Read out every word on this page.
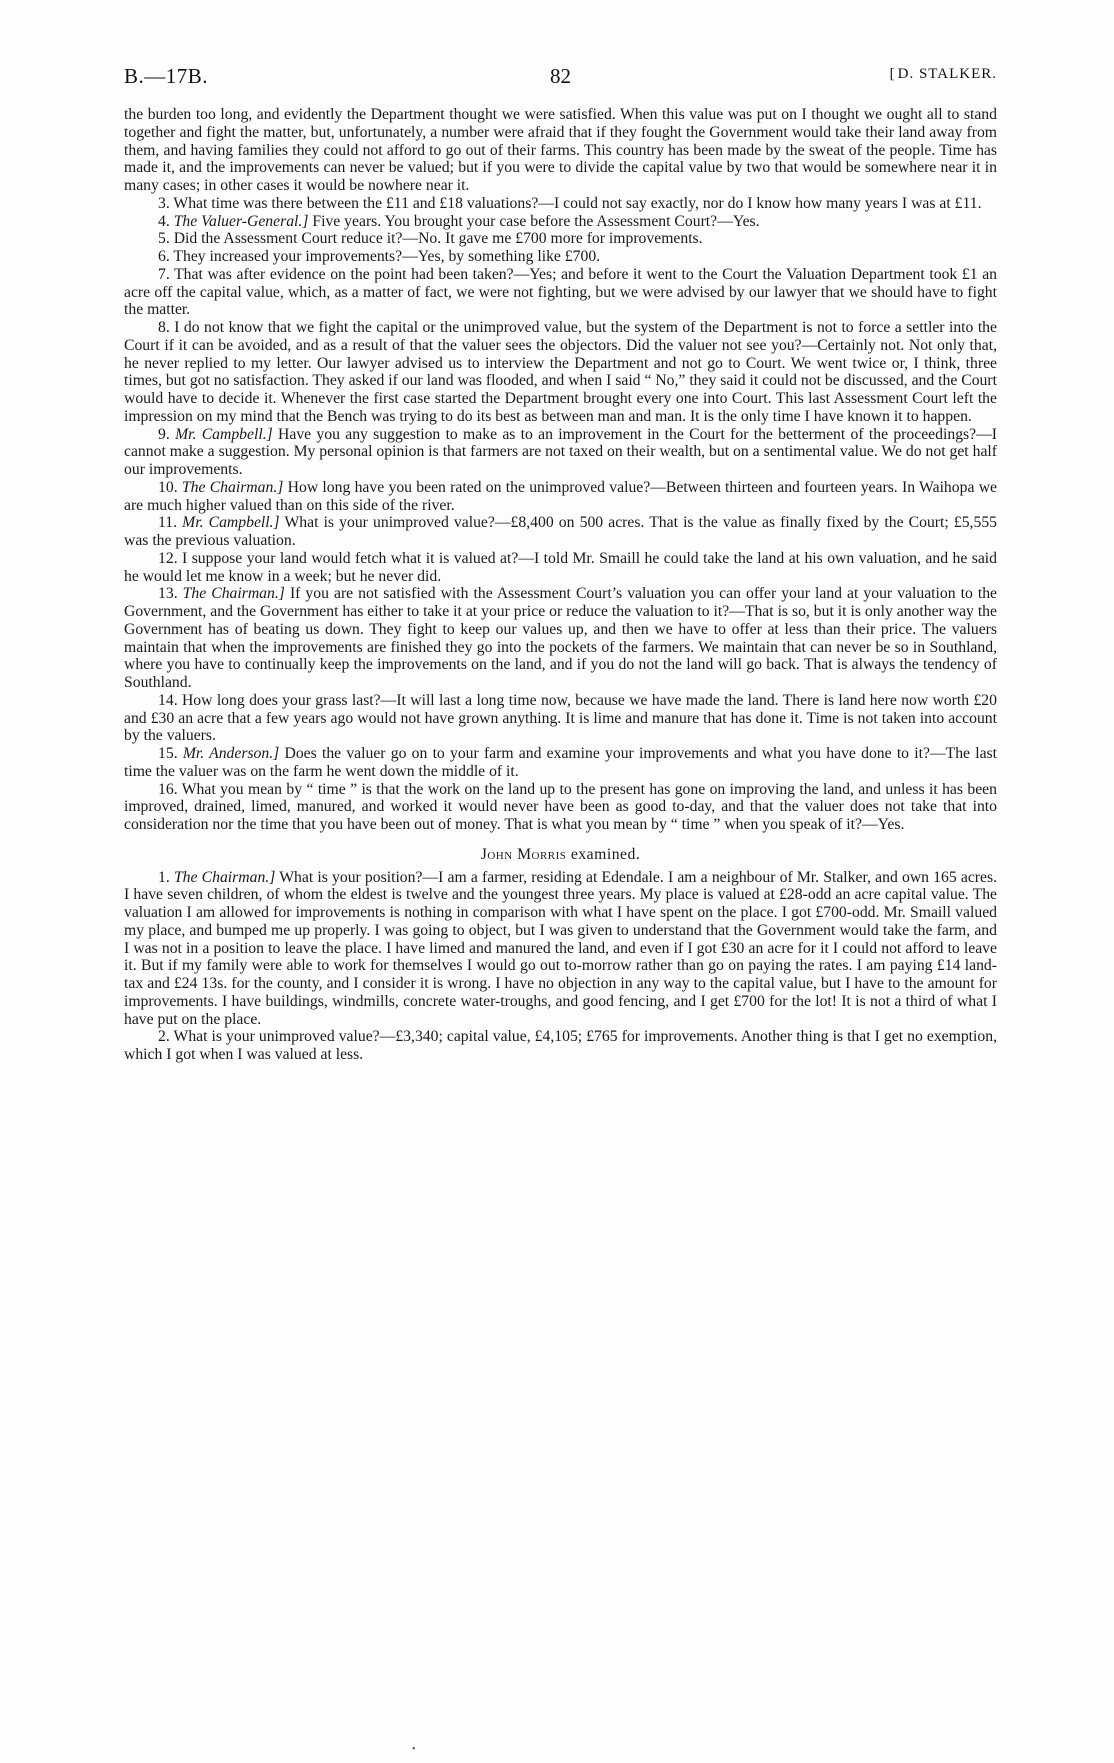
B.—17B.	82
[	D. STALKER.

the burden too long, and evidently the Department thought we were satisfied. When this value was put on I thought we ought all to stand together and fight the matter, but, unfortunately, a number were afraid that if they fought the Government would take their land away from them, and having families they could not afford to go out of their farms. This country has been made by the sweat of the people. Time has made it, and the improvements can never be valued; but if you were to divide the capital value by two that would be somewhere near it in many cases; in other cases it would be nowhere near it.

3. What time was there between the £11 and £18 valuations?—I could not say exactly, nor do I know how many years I was at £11.

4. The Valuer-General.] Five years. You brought your case before the Assessment Court?—Yes.

5. Did the Assessment Court reduce it?—No. It gave me £700 more for improvements.

6. They increased your improvements?—Yes, by something like £700.

7. That was after evidence on the point had been taken?—Yes; and before it went to the Court the Valuation Department took £1 an acre off the capital value, which, as a matter of fact, we were not fighting, but we were advised by our lawyer that we should have to fight the matter.

8. I do not know that we fight the capital or the unimproved value, but the system of the Department is not to force a settler into the Court if it can be avoided, and as a result of that the valuer sees the objectors. Did the valuer not see you?—Certainly not. Not only that, he never replied to my letter. Our lawyer advised us to interview the Department and not go to Court. We went twice or, I think, three times, but got no satisfaction. They asked if our land was flooded, and when I said “ No,” they said it could not be discussed, and the Court would have to decide it. Whenever the first case started the Department brought every one into Court. This last Assessment Court left the impression on my mind that the Bench was trying to do its best as between man and man. It is the only time I have known it to happen.

9. Mr. Campbell.] Have you any suggestion to make as to an improvement in the Court for the betterment of the proceedings?—I cannot make a suggestion. My personal opinion is that farmers are not taxed on their wealth, but on a sentimental value. We do not get half our improvements.

10. The Chairman.] How long have you been rated on the unimproved value?—Between thirteen and fourteen years. In Waihopa we are much higher valued than on this side of the river.

11. Mr. Campbell.] What is your unimproved value?—£8,400 on 500 acres. That is the value as finally fixed by the Court; £5,555 was the previous valuation.

12. I suppose your land would fetch what it is valued at?—I told Mr. Smaill he could take the land at his own valuation, and he said he would let me know in a week; but he never did.

13. The Chairman.] If you are not satisfied with the Assessment Court’s valuation you can offer your land at your valuation to the Government, and the Government has either to take it at your price or reduce the valuation to it?—That is so, but it is only another way the Government has of beating us down. They fight to keep our values up, and then we have to offer at less than their price. The valuers maintain that when the improvements are finished they go into the pockets of the farmers. We maintain that can never be so in Southland, where you have to continually keep the improvements on the land, and if you do not the land will go back. That is always the tendency of Southland.

14. How long does your grass last?—It will last a long time now, because we have made the land. There is land here now worth £20 and £30 an acre that a few years ago would not have grown anything. It is lime and manure that has done it. Time is not taken into account by the valuers.

15. Mr. Anderson.] Does the valuer go on to your farm and examine your improvements and what you have done to it?—The last time the valuer was on the farm he went down the middle of it.

16. What you mean by “ time ” is that the work on the land up to the present has gone on improving the land, and unless it has been improved, drained, limed, manured, and worked it would never have been as good to-day, and that the valuer does not take that into consideration nor the time that you have been out of money. That is what you mean by “ time ” when you speak of it?—Yes.

John Morris examined.

1. The Chairman.] What is your position?—I am a farmer, residing at Edendale. I am a neighbour of Mr. Stalker, and own 165 acres. I have seven children, of whom the eldest is twelve and the youngest three years. My place is valued at £28-odd an acre capital value. The valuation I am allowed for improvements is nothing in comparison with what I have spent on the place. I got £700-odd. Mr. Smaill valued my place, and bumped me up properly. I was going to object, but I was given to understand that the Government would take the farm, and I was not in a position to leave the place. I have limed and manured the land, and even if I got £30 an acre for it I could not afford to leave it. But if my family were able to work for themselves I would go out to-morrow rather than go on paying the rates. I am paying £14 land-tax and £24 13s. for the county, and I consider it is wrong. I have no objection in any way to the capital value, but I have to the amount for improvements. I have buildings, windmills, concrete water-troughs, and good fencing, and I get £700 for the lot! It is not a third of what I have put on the place.

2. What is your unimproved value?—£3,340; capital value, £4,105; £765 for improvements. Another thing is that I get no exemption, which I got when I was valued at less.

•
